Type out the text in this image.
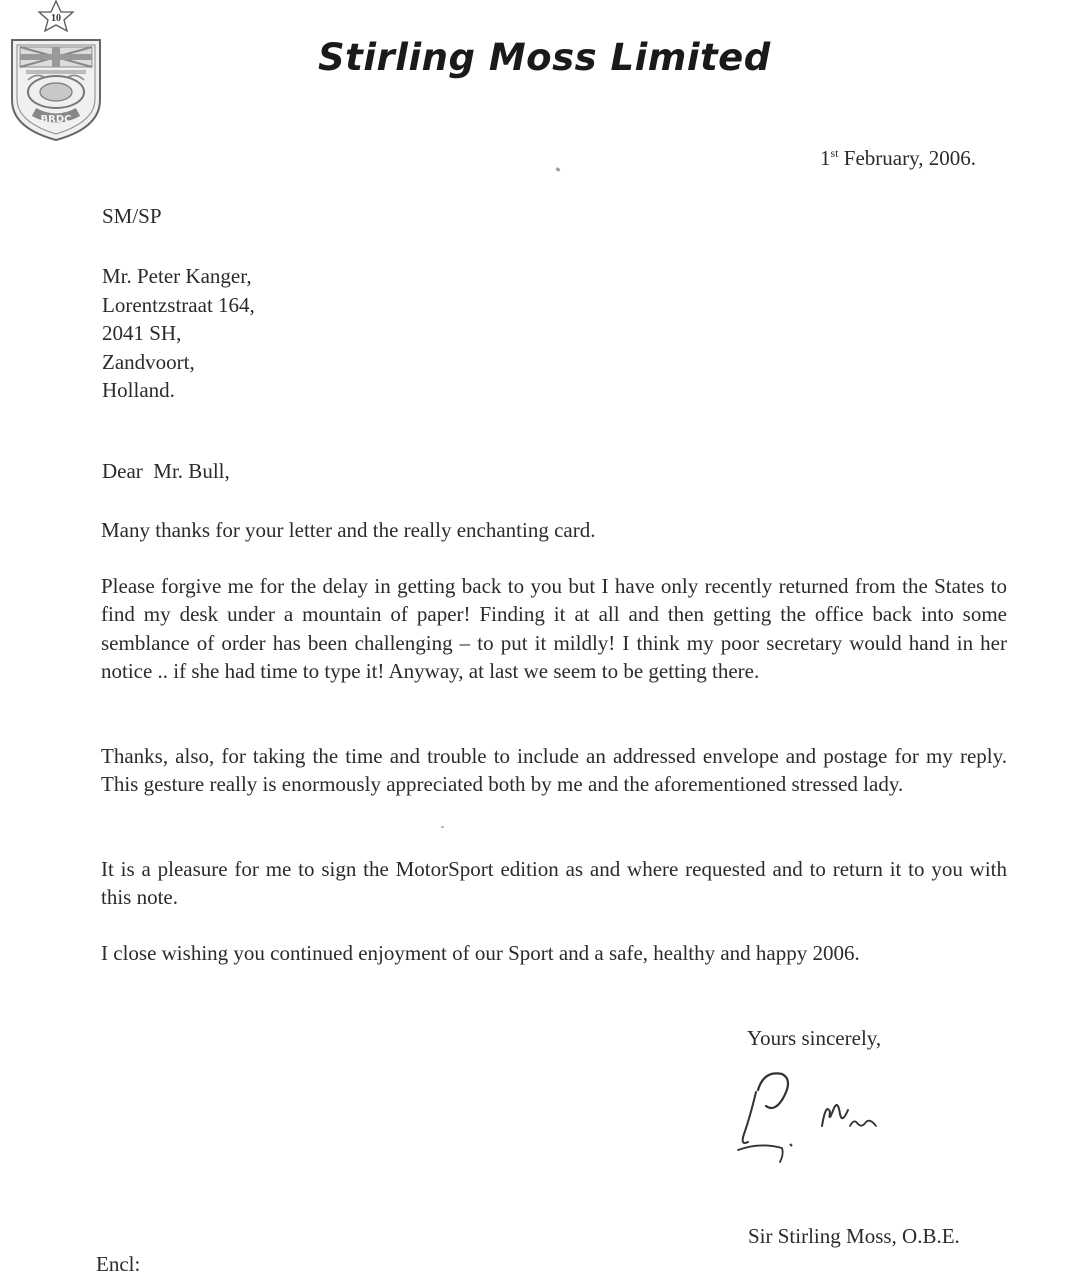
10
BRDC
Stirling Moss Limited
1st February, 2006.
SM/SP
Mr. Peter Kanger,
Lorentzstraat 164,
2041 SH,
Zandvoort,
Holland.
Dear  Mr. Bull,

Many thanks for your letter and the really enchanting card.

Please forgive me for the delay in getting back to you but I have only recently returned from the States to find my desk under a mountain of paper! Finding it at all and then getting the office back into some semblance of order has been challenging – to put it mildly! I think my poor secretary would hand in her notice .. if she had time to type it! Anyway, at last we seem to be getting there.

Thanks, also, for taking the time and trouble to include an addressed envelope and postage for my reply. This gesture really is enormously appreciated both by me and the aforementioned stressed lady.

It is a pleasure for me to sign the MotorSport edition as and where requested and to return it to you with this note.

I close wishing you continued enjoyment of our Sport and a safe, healthy and happy 2006.

Yours sincerely,
Sir Stirling Moss, O.B.E.
Encl:
